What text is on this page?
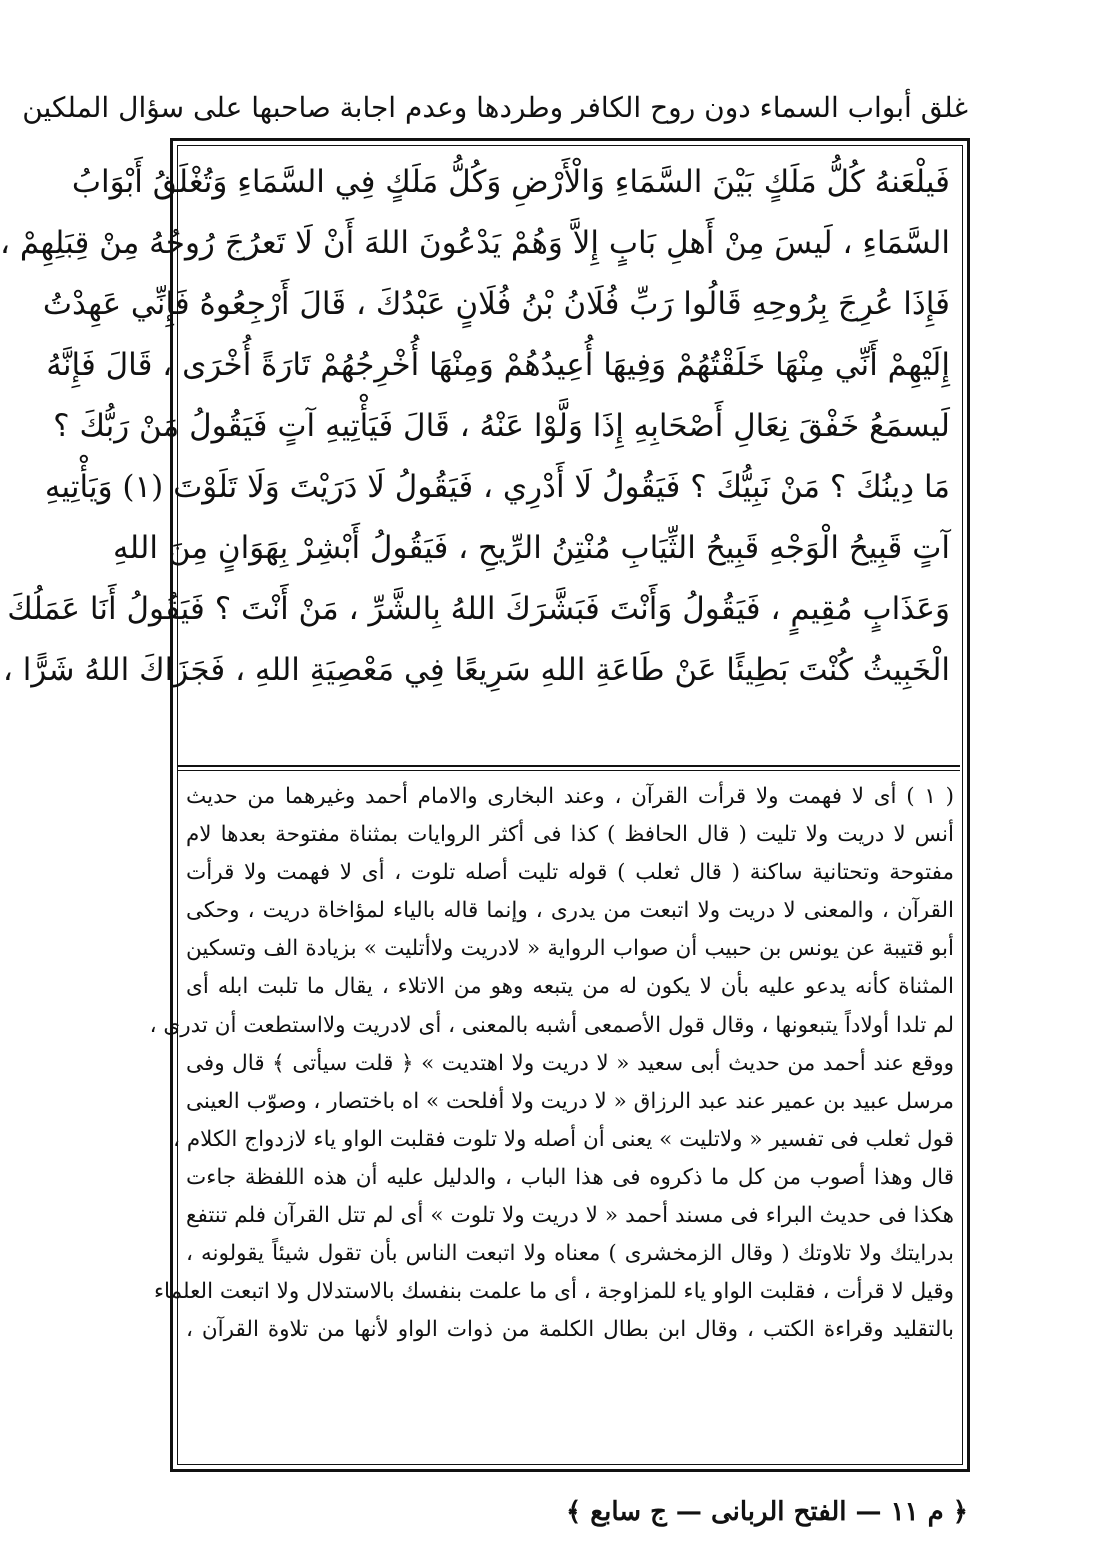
غلق أبواب السماء دون روح الكافر وطردها وعدم اجابة صاحبها على سؤال الملكين
فَيلْعَنهُ كُلُّ مَلَكٍ بَيْنَ السَّمَاءِ وَالْأَرْضِ وَكُلُّ مَلَكٍ فِي السَّمَاءِ وَتُغْلَقُ أَبْوَابُ
السَّمَاءِ ، لَيسَ مِنْ أَهلِ بَابٍ إِلاَّ وَهُمْ يَدْعُونَ اللهَ أَنْ لَا تَعرُجَ رُوحُهُ مِنْ قِبَلِهِمْ ،
فَإِذَا عُرِجَ بِرُوحِهِ قَالُوا رَبِّ فُلَانُ بْنُ فُلَانٍ عَبْدُكَ ، قَالَ أَرْجِعُوهُ فَإِنِّي عَهِدْتُ
إِلَيْهِمْ أَنِّي مِنْهَا خَلَقْتُهُمْ وَفِيهَا أُعِيدُهُمْ وَمِنْهَا أُخْرِجُهُمْ تَارَةً أُخْرَى ، قَالَ فَإِنَّهُ
لَيسمَعُ خَفْقَ نِعَالِ أَصْحَابِهِ إِذَا وَلَّوْا عَنْهُ ، قَالَ فَيَأْتِيهِ آتٍ فَيَقُولُ مَنْ رَبُّكَ ؟
مَا دِينُكَ ؟ مَنْ نَبِيُّكَ ؟ فَيَقُولُ لَا أَدْرِي ، فَيَقُولُ لَا دَرَيْتَ وَلَا تَلَوْتَ (١) وَيَأْتِيهِ
آتٍ قَبِيحُ الْوَجْهِ قَبِيحُ الثِّيَابِ مُنْتِنُ الرِّيحِ ، فَيَقُولُ أَبْشِرْ بِهَوَانٍ مِنَ اللهِ
وَعَذَابٍ مُقِيمٍ ، فَيَقُولُ وَأَنْتَ فَبَشَّرَكَ اللهُ بِالشَّرِّ ، مَنْ أَنْتَ ؟ فَيَقُولُ أَنَا عَمَلُكَ
الْخَبِيثُ كُنْتَ بَطِيئًا عَنْ طَاعَةِ اللهِ سَرِيعًا فِي مَعْصِيَةِ اللهِ ، فَجَزَاكَ اللهُ شَرًّا ،
( ١ ) أى لا فهمت ولا قرأت القرآن ، وعند البخارى والامام أحمد وغيرهما من حديث
أنس لا دريت ولا تليت ( قال الحافظ ) كذا فى أكثر الروايات بمثناة مفتوحة بعدها لام
مفتوحة وتحتانية ساكنة ( قال ثعلب ) قوله تليت أصله تلوت ، أى لا فهمت ولا قرأت
القرآن ، والمعنى لا دريت ولا اتبعت من يدرى ، وإنما قاله بالياء لمؤاخاة دريت ، وحكى
أبو قتيبة عن يونس بن حبيب أن صواب الرواية « لادريت ولاأتليت » بزيادة الف وتسكين
المثناة كأنه يدعو عليه بأن لا يكون له من يتبعه وهو من الاتلاء ، يقال ما تلبت ابله أى
لم تلدا أولاداً يتبعونها ، وقال قول الأصمعى أشبه بالمعنى ، أى لادريت ولااستطعت أن تدرى ،
ووقع عند أحمد من حديث أبى سعيد « لا دريت ولا اهتديت » ﴿ قلت سيأتى ﴾ قال وفى
مرسل عبيد بن عمير عند عبد الرزاق « لا دريت ولا أفلحت » اه باختصار ، وصوّب العينى
قول ثعلب فى تفسير « ولاتليت » يعنى أن أصله ولا تلوت فقلبت الواو ياء لازدواج الكلام ،
قال وهذا أصوب من كل ما ذكروه فى هذا الباب ، والدليل عليه أن هذه اللفظة جاءت
هكذا فى حديث البراء فى مسند أحمد « لا دريت ولا تلوت » أى لم تتل القرآن فلم تنتفع
بدرايتك ولا تلاوتك ( وقال الزمخشرى ) معناه ولا اتبعت الناس بأن تقول شيئاً يقولونه ،
وقيل لا قرأت ، فقلبت الواو ياء للمزاوجة ، أى ما علمت بنفسك بالاستدلال ولا اتبعت العلماء
بالتقليد وقراءة الكتب ، وقال ابن بطال الكلمة من ذوات الواو لأنها من تلاوة القرآن ،
﴿ م ١١ — الفتح الربانى — ج سابع ﴾
